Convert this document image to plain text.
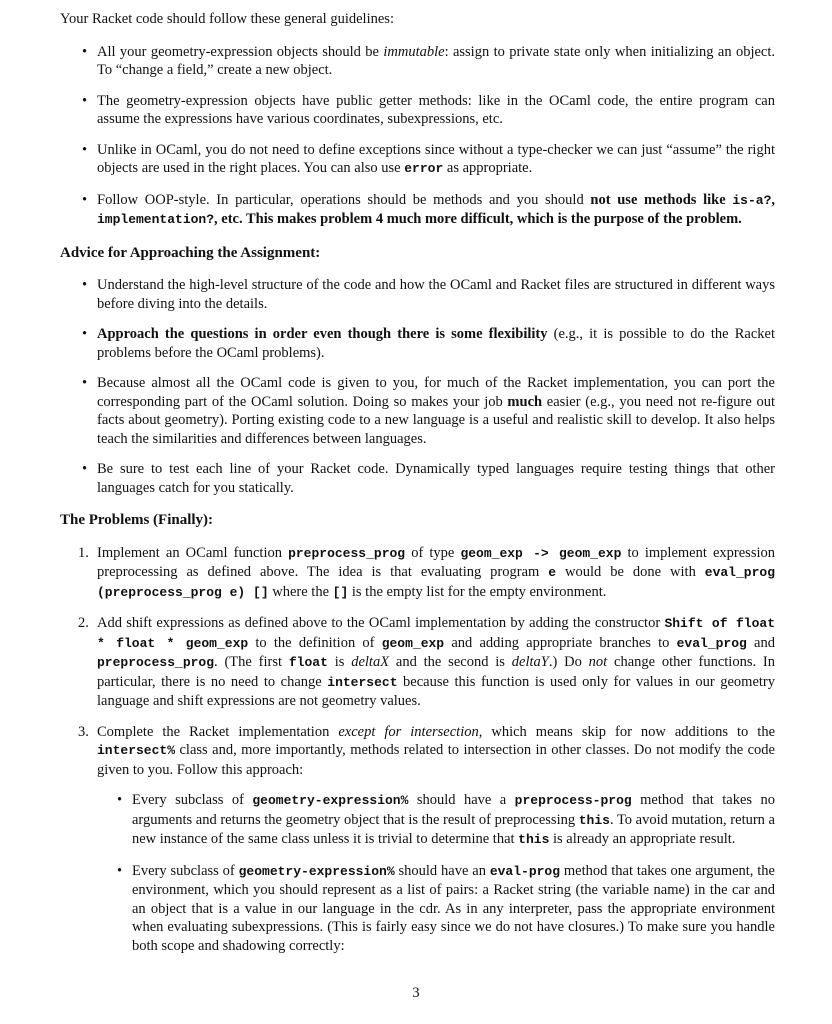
Your Racket code should follow these general guidelines:

• All your geometry-expression objects should be immutable: assign to private state only when initializing an object. To “change a field,” create a new object.
• The geometry-expression objects have public getter methods: like in the OCaml code, the entire program can assume the expressions have various coordinates, subexpressions, etc.
• Unlike in OCaml, you do not need to define exceptions since without a type-checker we can just “assume” the right objects are used in the right places. You can also use error as appropriate.
• Follow OOP-style. In particular, operations should be methods and you should not use methods like is-a?, implementation?, etc. This makes problem 4 much more difficult, which is the purpose of the problem.
Advice for Approaching the Assignment:
• Understand the high-level structure of the code and how the OCaml and Racket files are structured in different ways before diving into the details.
• Approach the questions in order even though there is some flexibility (e.g., it is possible to do the Racket problems before the OCaml problems).
• Because almost all the OCaml code is given to you, for much of the Racket implementation, you can port the corresponding part of the OCaml solution. Doing so makes your job much easier (e.g., you need not re-figure out facts about geometry). Porting existing code to a new language is a useful and realistic skill to develop. It also helps teach the similarities and differences between languages.
• Be sure to test each line of your Racket code. Dynamically typed languages require testing things that other languages catch for you statically.
The Problems (Finally):
1. Implement an OCaml function preprocess_prog of type geom_exp -> geom_exp to implement expression preprocessing as defined above. The idea is that evaluating program e would be done with eval_prog (preprocess_prog e) [] where the [] is the empty list for the empty environment.
2. Add shift expressions as defined above to the OCaml implementation by adding the constructor Shift of float * float * geom_exp to the definition of geom_exp and adding appropriate branches to eval_prog and preprocess_prog. (The first float is deltaX and the second is deltaY.) Do not change other functions. In particular, there is no need to change intersect because this function is used only for values in our geometry language and shift expressions are not geometry values.
3. Complete the Racket implementation except for intersection, which means skip for now additions to the intersect% class and, more importantly, methods related to intersection in other classes. Do not modify the code given to you. Follow this approach:
• Every subclass of geometry-expression% should have a preprocess-prog method that takes no arguments and returns the geometry object that is the result of preprocessing this. To avoid mutation, return a new instance of the same class unless it is trivial to determine that this is already an appropriate result.
• Every subclass of geometry-expression% should have an eval-prog method that takes one argument, the environment, which you should represent as a list of pairs: a Racket string (the variable name) in the car and an object that is a value in our language in the cdr. As in any interpreter, pass the appropriate environment when evaluating subexpressions. (This is fairly easy since we do not have closures.) To make sure you handle both scope and shadowing correctly:
3
